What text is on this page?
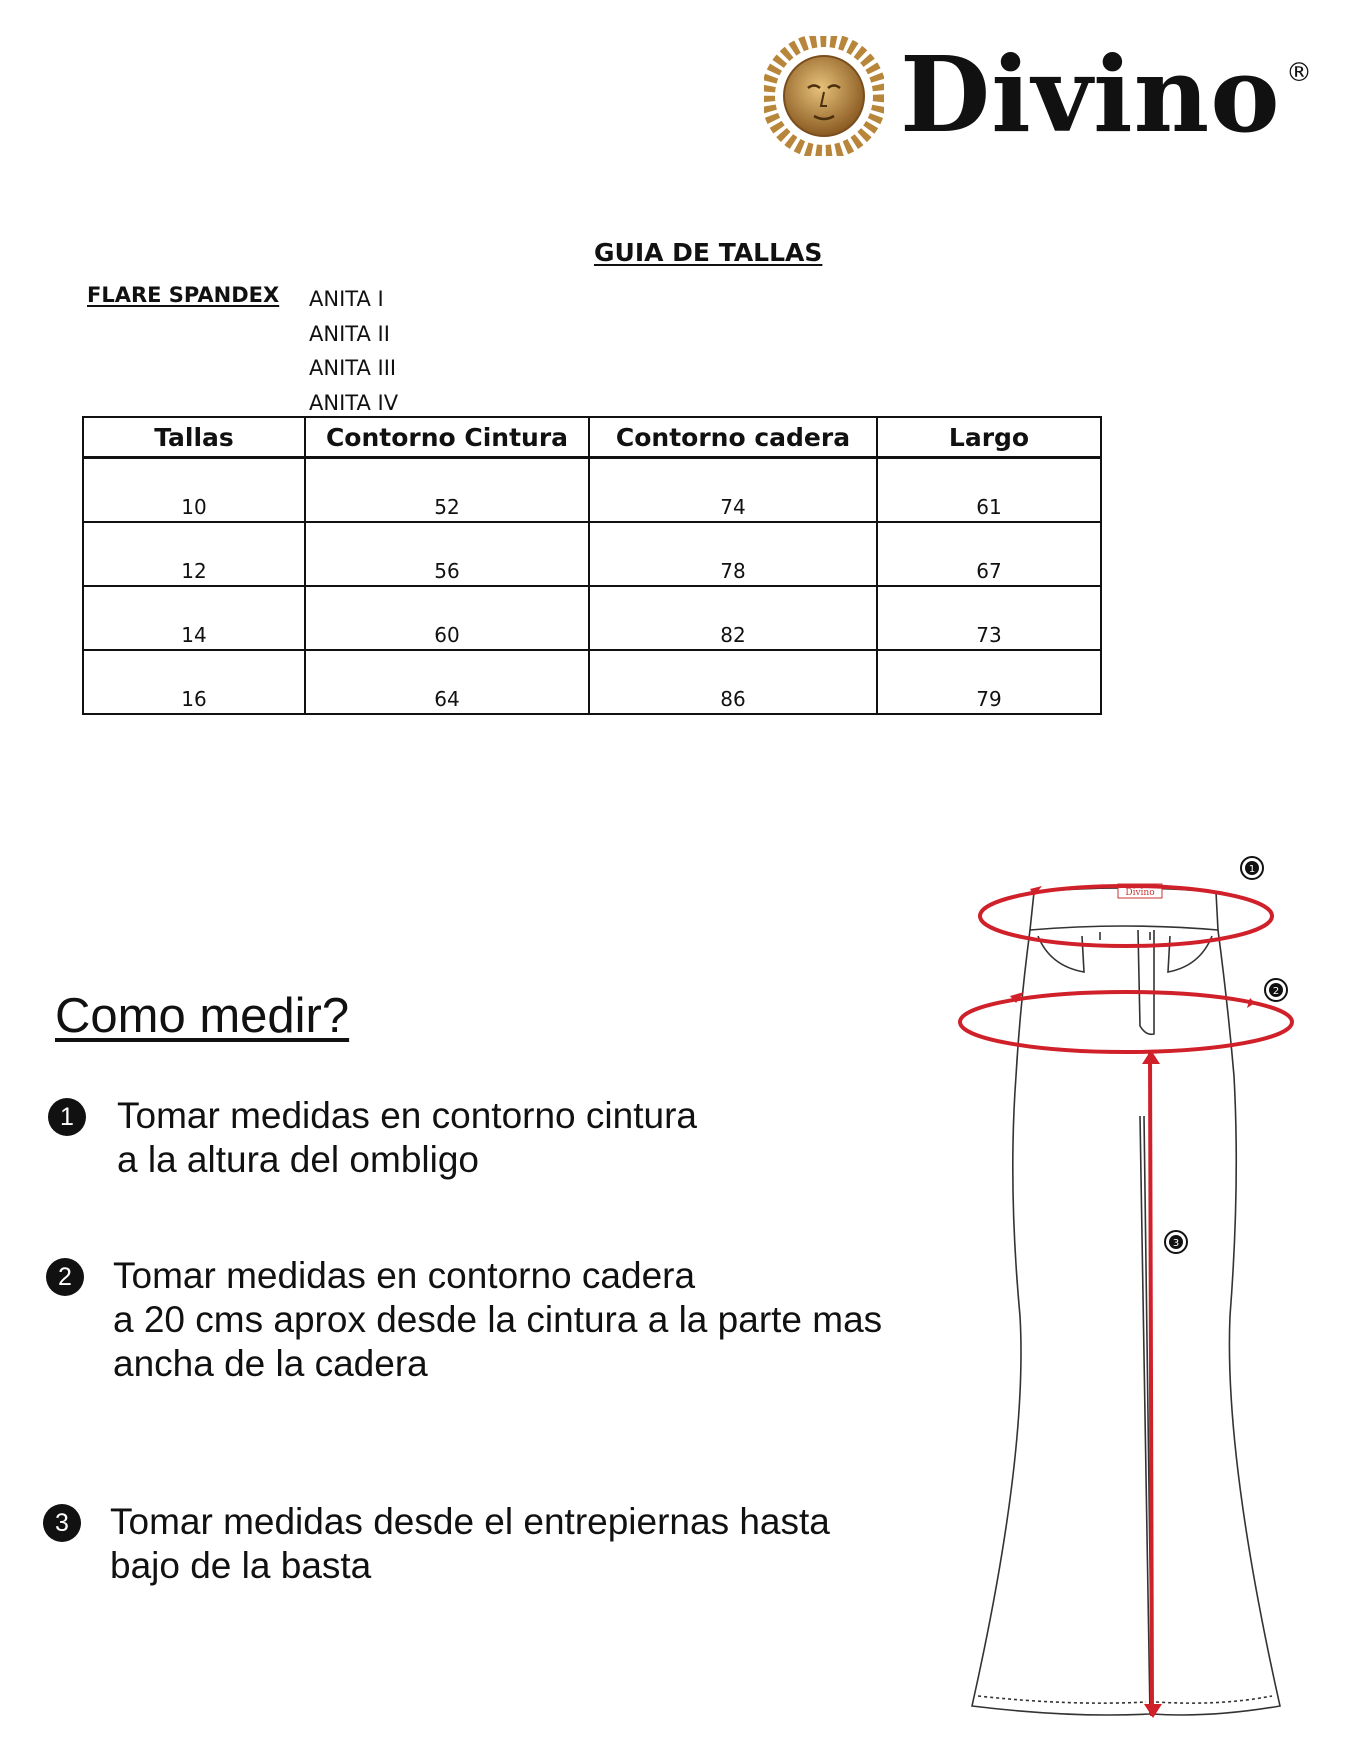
Divino ®
GUIA DE TALLAS
FLARE SPANDEX ANITA I
ANITA II
ANITA III
ANITA IV
Tallas	Contorno Cintura	Contorno cadera	Largo
10	52	74	61
12	56	78	67
14	60	82	73
16	64	86	79
Como medir?
1	Tomar medidas en contorno cintura
a la altura del ombligo
2	Tomar medidas en contorno cadera
a 20 cms aprox desde la cintura a la parte mas
ancha de la cadera
3	Tomar medidas desde el entrepiernas hasta
bajo de la basta
Divino
1
2
3
